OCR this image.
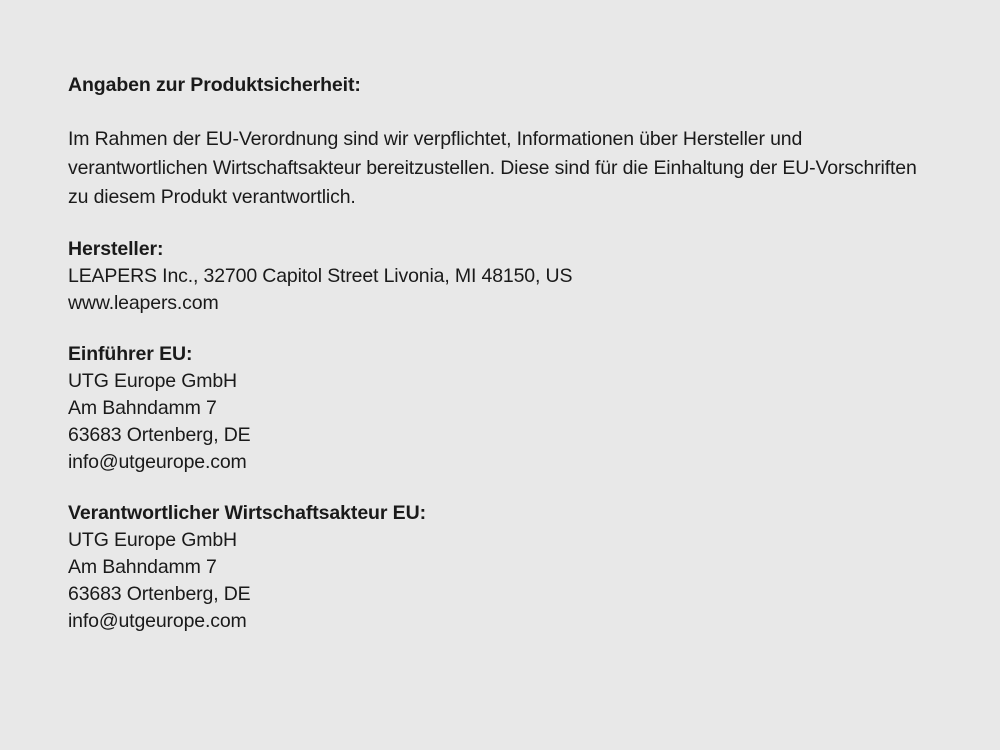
Angaben zur Produktsicherheit:

Im Rahmen der EU-Verordnung sind wir verpflichtet, Informationen über Hersteller und verantwortlichen Wirtschaftsakteur bereitzustellen. Diese sind für die Einhaltung der EU-Vorschriften zu diesem Produkt verantwortlich.

Hersteller:

LEAPERS Inc., 32700 Capitol Street Livonia, MI 48150, US

www.leapers.com

Einführer EU:

UTG Europe GmbH

Am Bahndamm 7

63683 Ortenberg, DE

info@utgeurope.com

Verantwortlicher Wirtschaftsakteur EU:

UTG Europe GmbH

Am Bahndamm 7

63683 Ortenberg, DE

info@utgeurope.com
